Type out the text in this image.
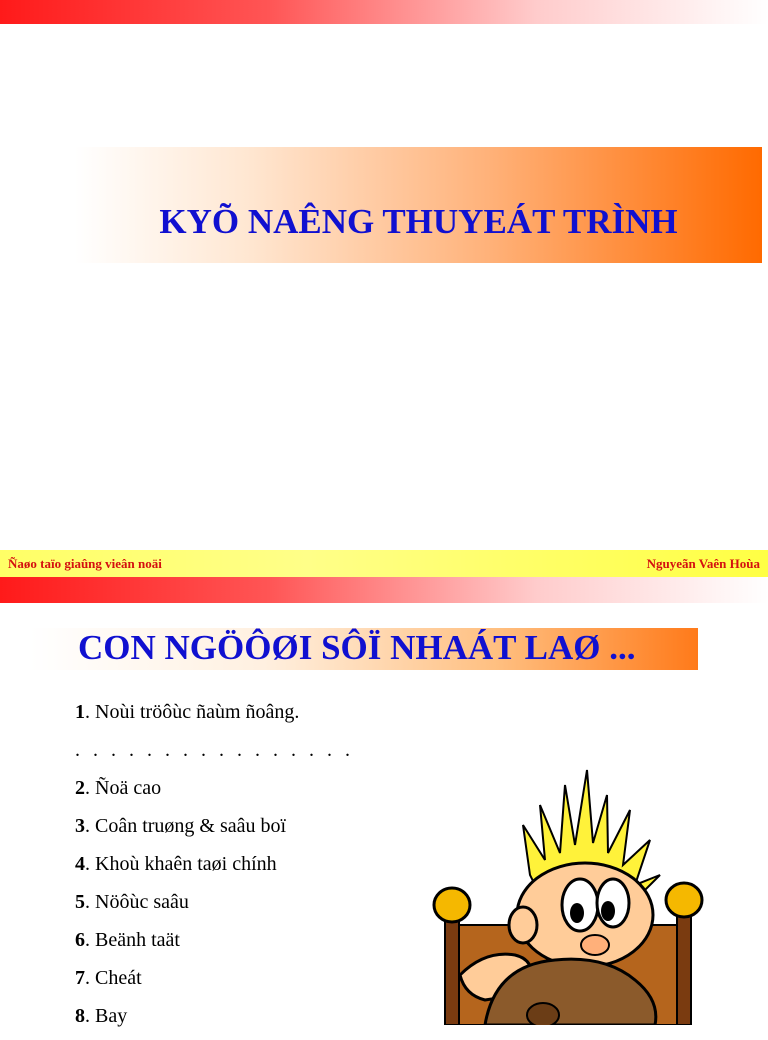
KYÕ NAÊNG THUYEÁT TRÌNH
Ñaøo taïo giaûng vieân noäi	Nguyeãn Vaên Hoùa
CON NGÖÔØI SÔÏ NHAÁT LAØ ...
1. Noùi tröôùc ñaùm ñoâng.
. . . . . . . . . . . . . . . .
2. Ñoä cao
3. Coân truøng & saâu boï
4. Khoù khaên taøi chính
5. Nöôùc saâu
6. Beänh taät
7. Cheát
8. Bay
